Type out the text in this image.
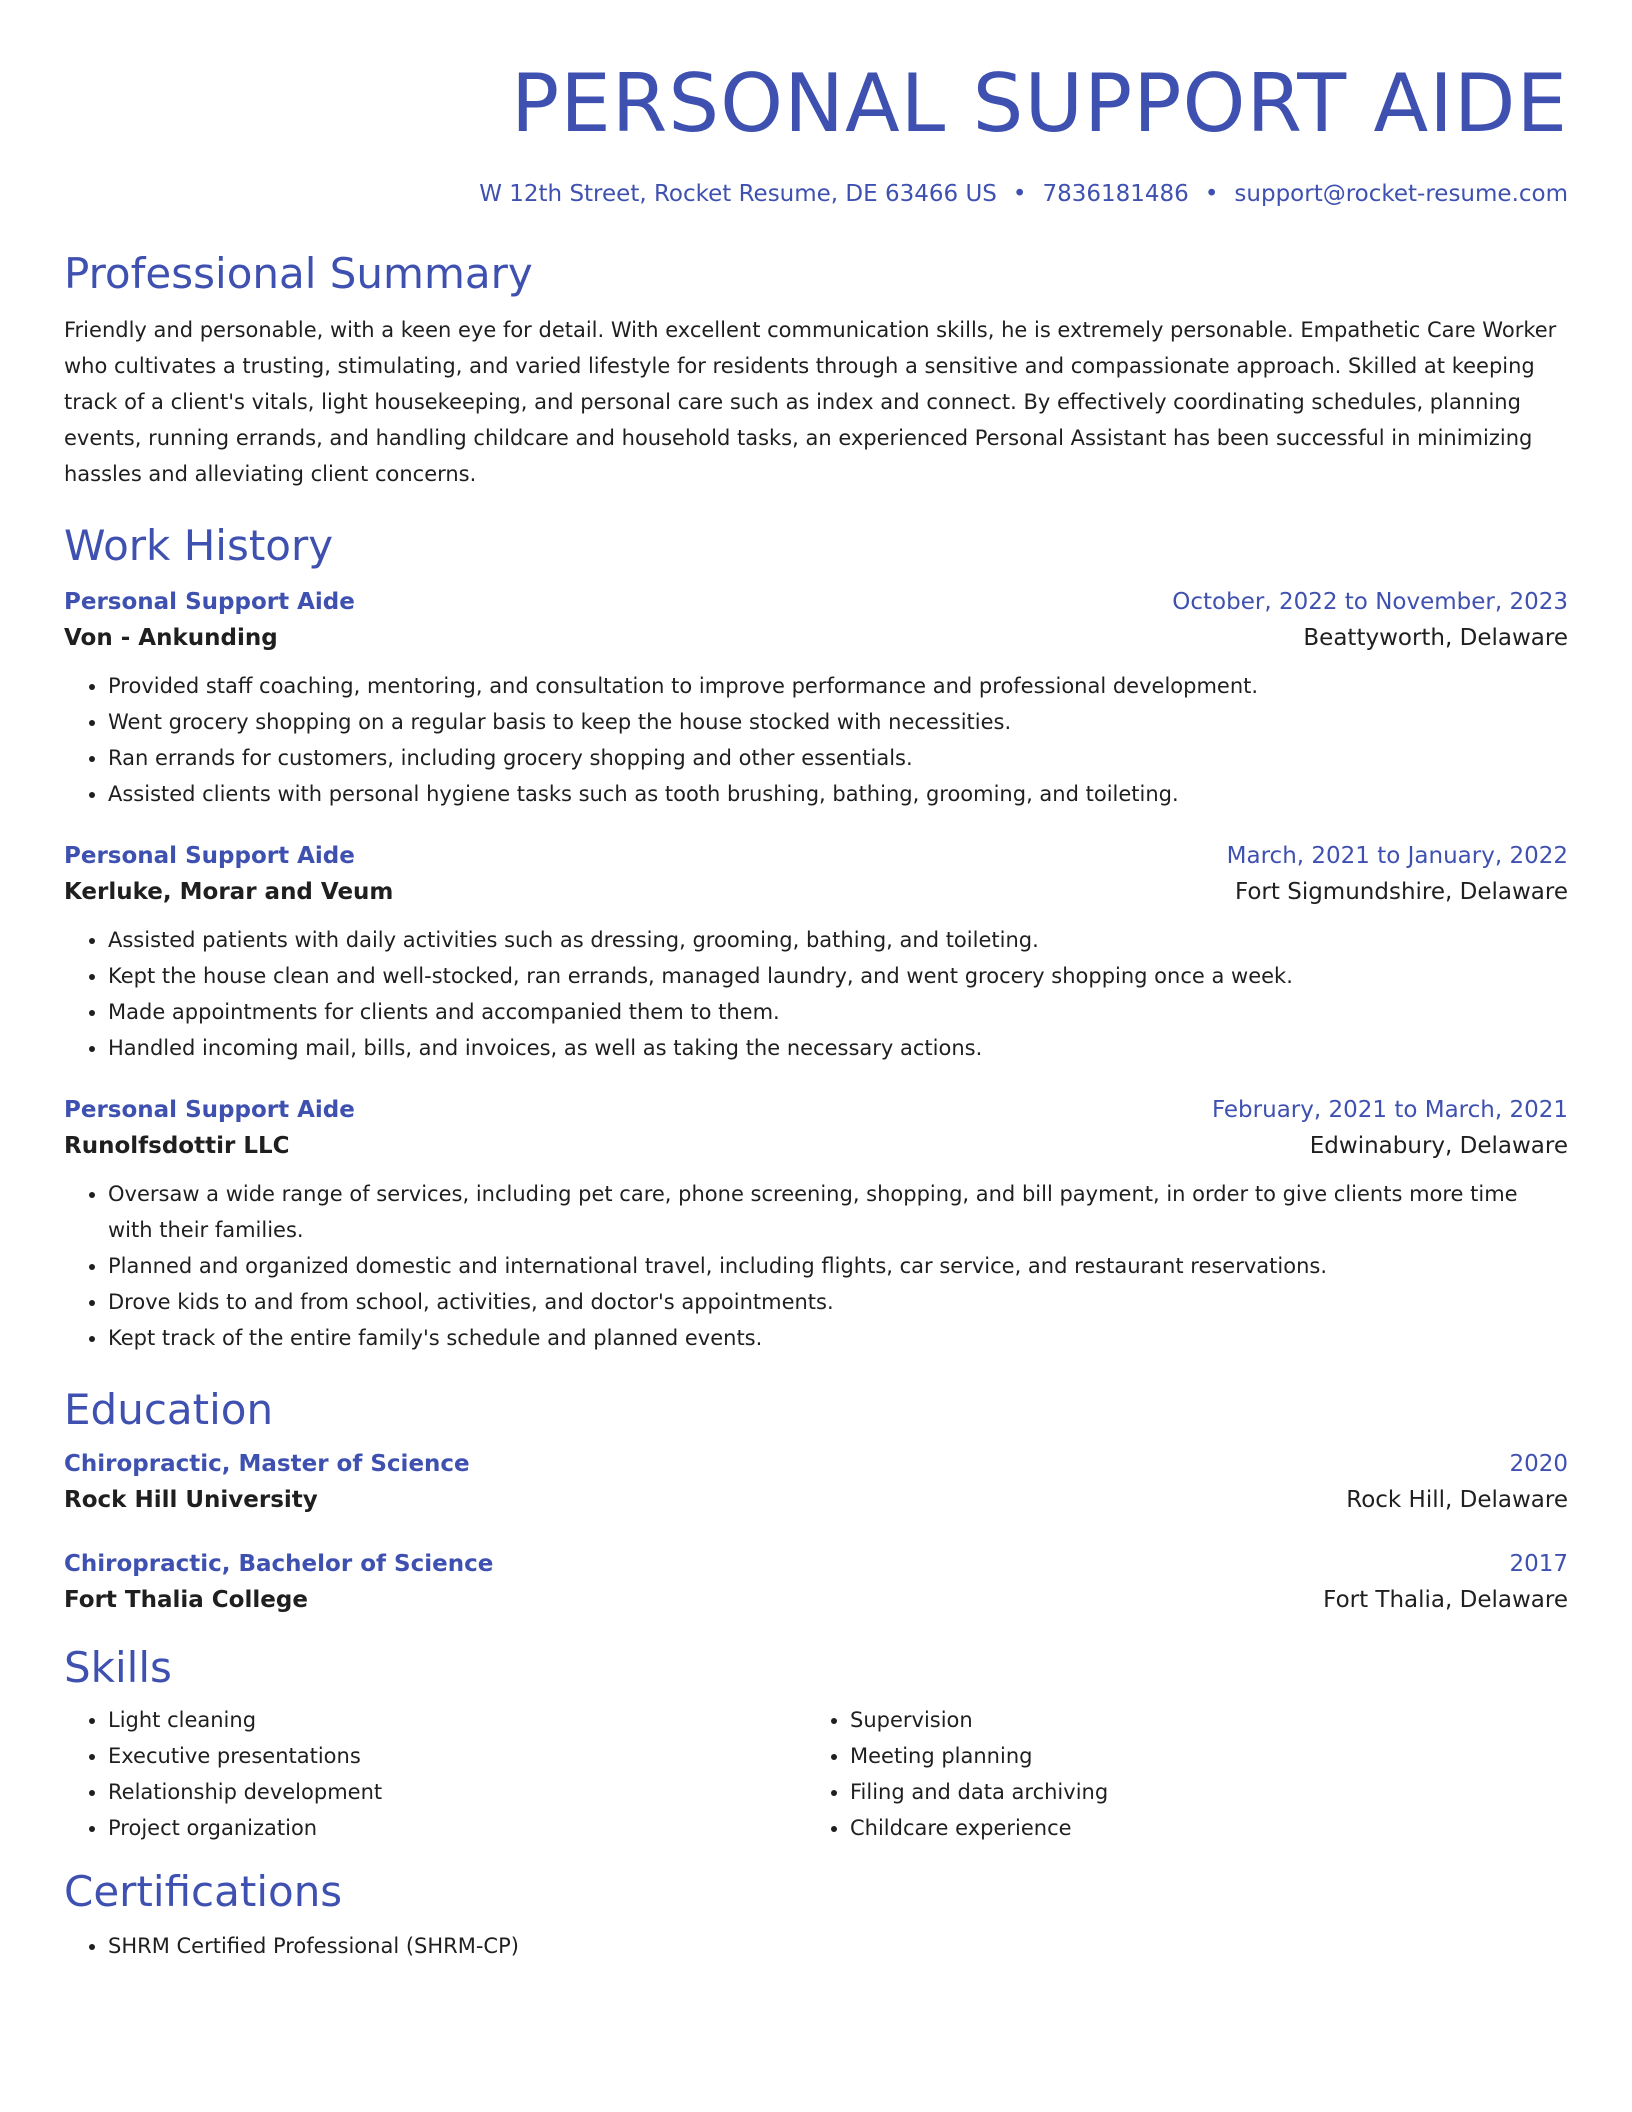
PERSONAL SUPPORT AIDE
W 12th Street, Rocket Resume, DE 63466 US • 7836181486 • support@rocket-resume.com
Professional Summary
Friendly and personable, with a keen eye for detail. With excellent communication skills, he is extremely personable. Empathetic Care Worker who cultivates a trusting, stimulating, and varied lifestyle for residents through a sensitive and compassionate approach. Skilled at keeping track of a client's vitals, light housekeeping, and personal care such as index and connect. By effectively coordinating schedules, planning events, running errands, and handling childcare and household tasks, an experienced Personal Assistant has been successful in minimizing hassles and alleviating client concerns.
Work History
Personal Support Aide	October, 2022 to November, 2023
Von - Ankunding	Beattyworth, Delaware
• Provided staff coaching, mentoring, and consultation to improve performance and professional development.
• Went grocery shopping on a regular basis to keep the house stocked with necessities.
• Ran errands for customers, including grocery shopping and other essentials.
• Assisted clients with personal hygiene tasks such as tooth brushing, bathing, grooming, and toileting.
Personal Support Aide	March, 2021 to January, 2022
Kerluke, Morar and Veum	Fort Sigmundshire, Delaware
• Assisted patients with daily activities such as dressing, grooming, bathing, and toileting.
• Kept the house clean and well-stocked, ran errands, managed laundry, and went grocery shopping once a week.
• Made appointments for clients and accompanied them to them.
• Handled incoming mail, bills, and invoices, as well as taking the necessary actions.
Personal Support Aide	February, 2021 to March, 2021
Runolfsdottir LLC	Edwinabury, Delaware
• Oversaw a wide range of services, including pet care, phone screening, shopping, and bill payment, in order to give clients more time with their families.
• Planned and organized domestic and international travel, including flights, car service, and restaurant reservations.
• Drove kids to and from school, activities, and doctor's appointments.
• Kept track of the entire family's schedule and planned events.
Education
Chiropractic, Master of Science	2020
Rock Hill University	Rock Hill, Delaware
Chiropractic, Bachelor of Science	2017
Fort Thalia College	Fort Thalia, Delaware
Skills
• Light cleaning
• Executive presentations
• Relationship development
• Project organization
• Supervision
• Meeting planning
• Filing and data archiving
• Childcare experience
Certifications
• SHRM Certified Professional (SHRM-CP)
